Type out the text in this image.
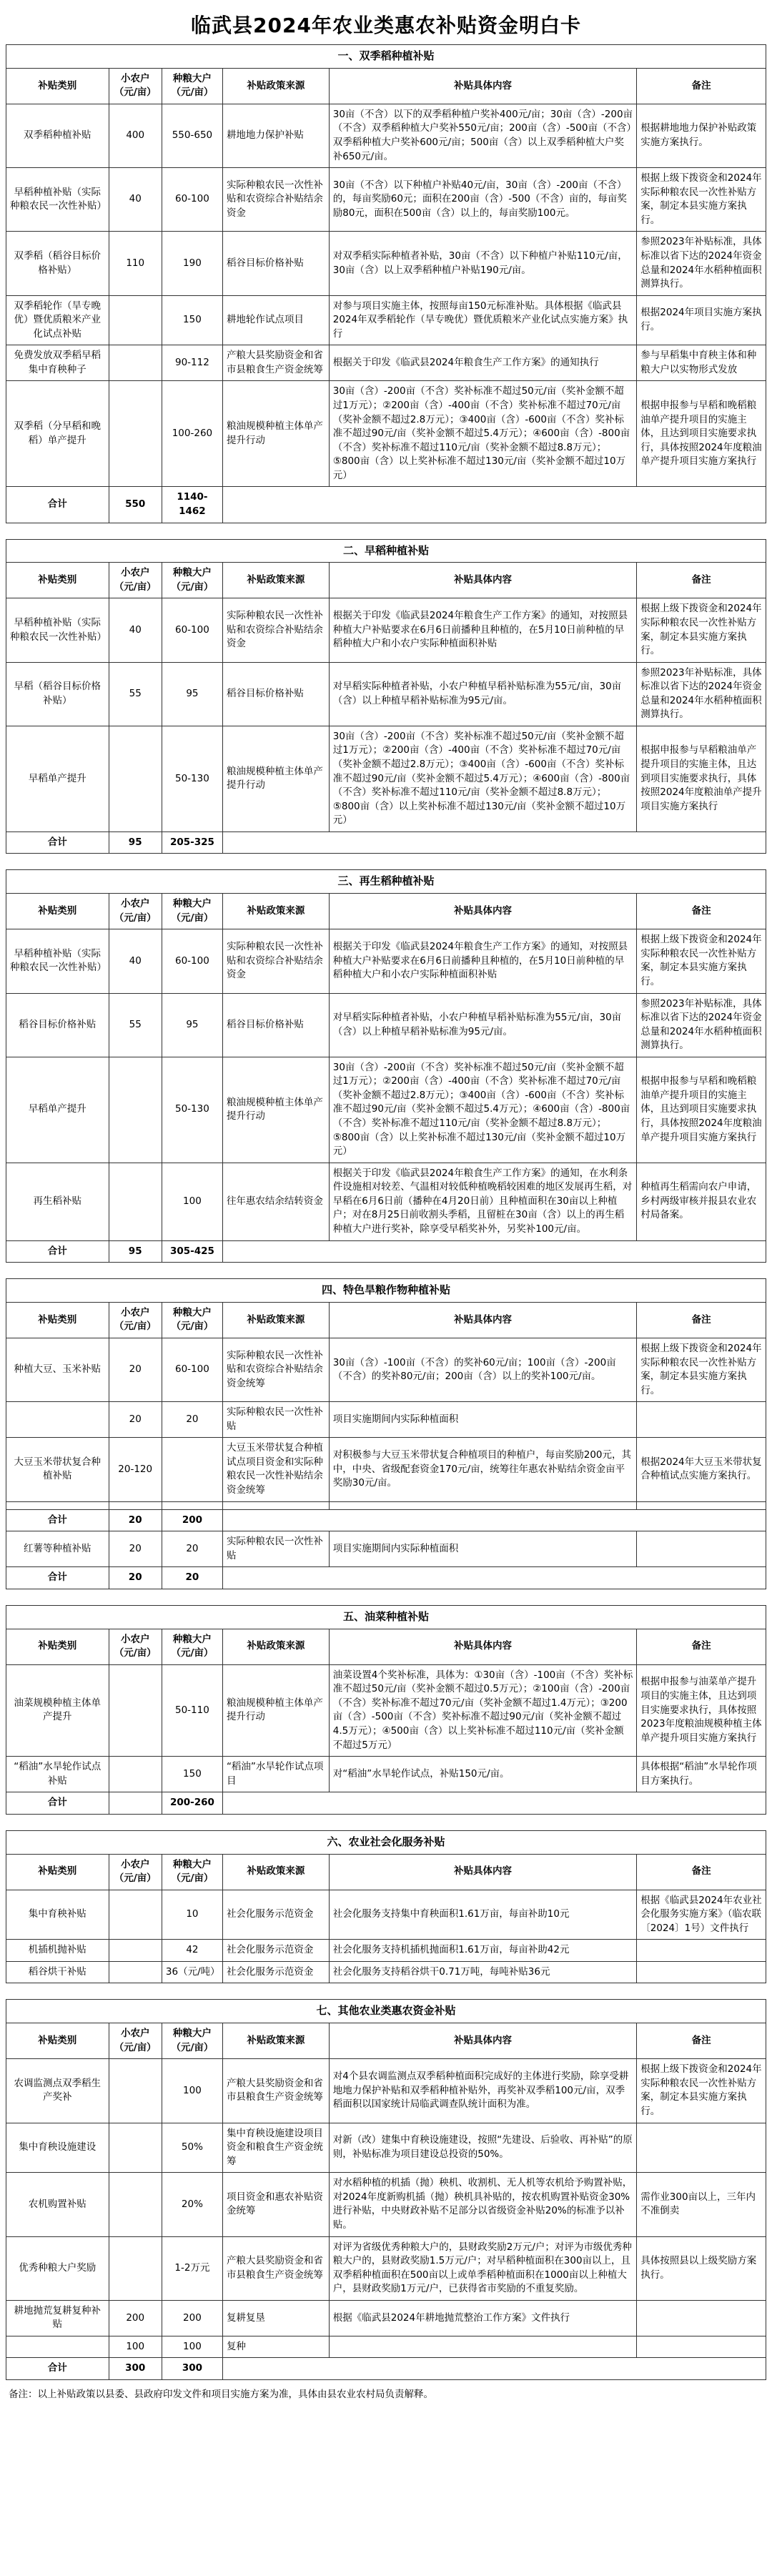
临武县2024年农业类惠农补贴资金明白卡
一、双季稻种植补贴					
补贴类别	小农户（元/亩）	种粮大户（元/亩）	补贴政策来源	补贴具体内容	备注
双季稻种植补贴	400	550-650	耕地地力保护补贴	30亩（不含）以下的双季稻种植户奖补400元/亩；30亩（含）-200亩（不含）双季稻种植大户奖补550元/亩；200亩（含）-500亩（不含）双季稻种植大户奖补600元/亩；500亩（含）以上双季稻种植大户奖补650元/亩。	根据耕地地力保护补贴政策实施方案执行。
早稻种植补贴（实际种粮农民一次性补贴）	40	60-100	实际种粮农民一次性补贴和农资综合补贴结余资金	30亩（不含）以下种植户补贴40元/亩，30亩（含）-200亩（不含）的，每亩奖励60元；面积在200亩（含）-500（不含）亩的，每亩奖励80元，面积在500亩（含）以上的，每亩奖励100元。	根据上级下拨资金和2024年实际种粮农民一次性补贴方案，制定本县实施方案执行。
双季稻（稻谷目标价格补贴）	110	190	稻谷目标价格补贴	对双季稻实际种植者补贴，30亩（不含）以下种植户补贴110元/亩，30亩（含）以上双季稻种植户补贴190元/亩。	参照2023年补贴标准，具体标准以省下达的2024年资金总量和2024年水稻种植面积测算执行。
双季稻轮作（旱专晚优）暨优质粮米产业化试点补贴		150	耕地轮作试点项目	对参与项目实施主体，按照每亩150元标准补贴。具体根据《临武县2024年双季稻轮作（旱专晚优）暨优质粮米产业化试点实施方案》执行	根据2024年项目实施方案执行。
免费发放双季稻早稻集中育秧种子		90-112	产粮大县奖励资金和省市县粮食生产资金统筹	根据关于印发《临武县2024年粮食生产工作方案》的通知执行	参与早稻集中育秧主体和种粮大户以实物形式发放
双季稻（分早稻和晚稻）单产提升		100-260	粮油规模种植主体单产提升行动	30亩（含）-200亩（不含）奖补标准不超过50元/亩（奖补金额不超过1万元）；②200亩（含）-400亩（不含）奖补标准不超过70元/亩（奖补金额不超过2.8万元）；③400亩（含）-600亩（不含）奖补标准不超过90元/亩（奖补金额不超过5.4万元）；④600亩（含）-800亩（不含）奖补标准不超过110元/亩（奖补金额不超过8.8万元）；⑤800亩（含）以上奖补标准不超过130元/亩（奖补金额不超过10万元）	根据申报参与早稻和晚稻粮油单产提升项目的实施主体，且达到项目实施要求执行，具体按照2024年度粮油单产提升项目实施方案执行
合计	550	1140-1462			
二、早稻种植补贴					
补贴类别	小农户（元/亩）	种粮大户（元/亩）	补贴政策来源	补贴具体内容	备注
早稻种植补贴（实际种粮农民一次性补贴）	40	60-100	实际种粮农民一次性补贴和农资综合补贴结余资金	根据关于印发《临武县2024年粮食生产工作方案》的通知，对按照县种植大户补贴要求在6月6日前播种且种植的，在5月10日前种植的早稻种植大户和小农户实际种植面积补贴	根据上级下拨资金和2024年实际种粮农民一次性补贴方案，制定本县实施方案执行。
早稻（稻谷目标价格补贴）	55	95	稻谷目标价格补贴	对早稻实际种植者补贴，小农户种植早稻补贴标准为55元/亩，30亩（含）以上种植早稻补贴标准为95元/亩。	参照2023年补贴标准，具体标准以省下达的2024年资金总量和2024年水稻种植面积测算执行。
早稻单产提升		50-130	粮油规模种植主体单产提升行动	30亩（含）-200亩（不含）奖补标准不超过50元/亩（奖补金额不超过1万元）；②200亩（含）-400亩（不含）奖补标准不超过70元/亩（奖补金额不超过2.8万元）；③400亩（含）-600亩（不含）奖补标准不超过90元/亩（奖补金额不超过5.4万元）；④600亩（含）-800亩（不含）奖补标准不超过110元/亩（奖补金额不超过8.8万元）；⑤800亩（含）以上奖补标准不超过130元/亩（奖补金额不超过10万元）	根据申报参与早稻粮油单产提升项目的实施主体，且达到项目实施要求执行，具体按照2024年度粮油单产提升项目实施方案执行
合计	95	205-325			
三、再生稻种植补贴					
补贴类别	小农户（元/亩）	种粮大户（元/亩）	补贴政策来源	补贴具体内容	备注
早稻种植补贴（实际种粮农民一次性补贴）	40	60-100	实际种粮农民一次性补贴和农资综合补贴结余资金	根据关于印发《临武县2024年粮食生产工作方案》的通知，对按照县种植大户补贴要求在6月6日前播种且种植的，在5月10日前种植的早稻种植大户和小农户实际种植面积补贴	根据上级下拨资金和2024年实际种粮农民一次性补贴方案，制定本县实施方案执行。
稻谷目标价格补贴	55	95	稻谷目标价格补贴	对早稻实际种植者补贴，小农户种植早稻补贴标准为55元/亩，30亩（含）以上种植早稻补贴标准为95元/亩。	参照2023年补贴标准，具体标准以省下达的2024年资金总量和2024年水稻种植面积测算执行。
早稻单产提升		50-130	粮油规模种植主体单产提升行动	30亩（含）-200亩（不含）奖补标准不超过50元/亩（奖补金额不超过1万元）；②200亩（含）-400亩（不含）奖补标准不超过70元/亩（奖补金额不超过2.8万元）；③400亩（含）-600亩（不含）奖补标准不超过90元/亩（奖补金额不超过5.4万元）；④600亩（含）-800亩（不含）奖补标准不超过110元/亩（奖补金额不超过8.8万元）；⑤800亩（含）以上奖补标准不超过130元/亩（奖补金额不超过10万元）	根据申报参与早稻和晚稻粮油单产提升项目的实施主体，且达到项目实施要求执行，具体按照2024年度粮油单产提升项目实施方案执行
再生稻补贴		100	往年惠农结余结转资金	根据关于印发《临武县2024年粮食生产工作方案》的通知，在水利条件设施相对较差、气温相对较低种植晚稻较困难的地区发展再生稻，对早稻在6月6日前（播种在4月20日前）且种植面积在30亩以上种植户；对在8月25日前收割头季稻，且留桩在30亩（含）以上的再生稻种植大户进行奖补，除享受早稻奖补外，另奖补100元/亩。	种植再生稻需向农户申请，乡村两级审核并报县农业农村局备案。
合计	95	305-425			
四、特色旱粮作物种植补贴					
补贴类别	小农户（元/亩）	种粮大户（元/亩）	补贴政策来源	补贴具体内容	备注
种植大豆、玉米补贴	20	60-100	实际种粮农民一次性补贴和农资综合补贴结余资金统筹	30亩（含）-100亩（不含）的奖补60元/亩；100亩（含）-200亩（不含）的奖补80元/亩；200亩（含）以上的奖补100元/亩。	根据上级下拨资金和2024年实际种粮农民一次性补贴方案，制定本县实施方案执行。
	20	20	实际种粮农民一次性补贴	项目实施期间内实际种植面积	
大豆玉米带状复合种植补贴	20-120		大豆玉米带状复合种植试点项目资金和实际种粮农民一次性补贴结余资金统筹	对积极参与大豆玉米带状复合种植项目的种植户，每亩奖励200元，其中，中央、省级配套资金170元/亩，统筹往年惠农补贴结余资金亩平奖励30元/亩。	根据2024年大豆玉米带状复合种植试点实施方案执行。

合计	20	200			
红薯等种植补贴	20	20	实际种粮农民一次性补贴	项目实施期间内实际种植面积	
合计	20	20			
五、油菜种植补贴					
补贴类别	小农户（元/亩）	种粮大户（元/亩）	补贴政策来源	补贴具体内容	备注
油菜规模种植主体单产提升		50-110	粮油规模种植主体单产提升行动	油菜设置4个奖补标准，具体为：①30亩（含）-100亩（不含）奖补标准不超过50元/亩（奖补金额不超过0.5万元）；②100亩（含）-200亩（不含）奖补标准不超过70元/亩（奖补金额不超过1.4万元）；③200亩（含）-500亩（不含）奖补标准不超过90元/亩（奖补金额不超过4.5万元）；④500亩（含）以上奖补标准不超过110元/亩（奖补金额不超过5万元）	根据申报参与油菜单产提升项目的实施主体，且达到项目实施要求执行，具体按照2023年度粮油规模种植主体单产提升项目实施方案执行
“稻油”水旱轮作试点补贴		150	“稻油”水旱轮作试点项目	对“稻油”水旱轮作试点，补贴150元/亩。	具体根据“稻油”水旱轮作项目方案执行。
合计		200-260			
六、农业社会化服务补贴					
补贴类别	小农户（元/亩）	种粮大户（元/亩）	补贴政策来源	补贴具体内容	备注
集中育秧补贴		10	社会化服务示范资金	社会化服务支持集中育秧面积1.61万亩，每亩补助10元	根据《临武县2024年农业社会化服务实施方案》（临农联〔2024〕1号）文件执行
机插机抛补贴		42	社会化服务示范资金	社会化服务支持机插机抛面积1.61万亩，每亩补助42元	
稻谷烘干补贴		36（元/吨）	社会化服务示范资金	社会化服务支持稻谷烘干0.71万吨，每吨补贴36元	
七、其他农业类惠农资金补贴					
补贴类别	小农户（元/亩）	种粮大户（元/亩）	补贴政策来源	补贴具体内容	备注
农调监测点双季稻生产奖补		100	产粮大县奖励资金和省市县粮食生产资金统筹	对4个县农调监测点双季稻种植面积完成好的主体进行奖励，除享受耕地地力保护补贴和双季稻种植补贴外，再奖补双季稻100元/亩，双季稻面积以国家统计局临武调查队统计面积为准。	根据上级下拨资金和2024年实际种粮农民一次性补贴方案，制定本县实施方案执行。
集中育秧设施建设		50%	集中育秧设施建设项目资金和粮食生产资金统筹	对新（改）建集中育秧设施建设，按照“先建设、后验收、再补贴”的原则，补贴标准为项目建设总投资的50%。	
农机购置补贴		20%	项目资金和惠农补贴资金统筹	对水稻种植的机插（抛）秧机、收割机、无人机等农机给予购置补贴，对2024年度新购机插（抛）秧机具补贴的，按农机购置补贴资金30%进行补贴，中央财政补贴不足部分以省级资金补贴20%的标准予以补贴。	需作业300亩以上，三年内不准倒卖
优秀种粮大户奖励		1-2万元	产粮大县奖励资金和省市县粮食生产资金统筹	对评为省级优秀种粮大户的，县财政奖励2万元/户；对评为市级优秀种粮大户的，县财政奖励1.5万元/户；对早稻种植面积在300亩以上，且双季稻种植面积在500亩以上或单季稻种植面积在1000亩以上种植大户，县财政奖励1万元/户，已获得省市奖励的不重复奖励。	具体按照县以上级奖励方案执行。
耕地抛荒复耕复种补贴	200	200	复耕复垦	根据《临武县2024年耕地抛荒整治工作方案》文件执行	
	100	100	复种		
合计	300	300			
备注：以上补贴政策以县委、县政府印发文件和项目实施方案为准，具体由县农业农村局负责解释。
